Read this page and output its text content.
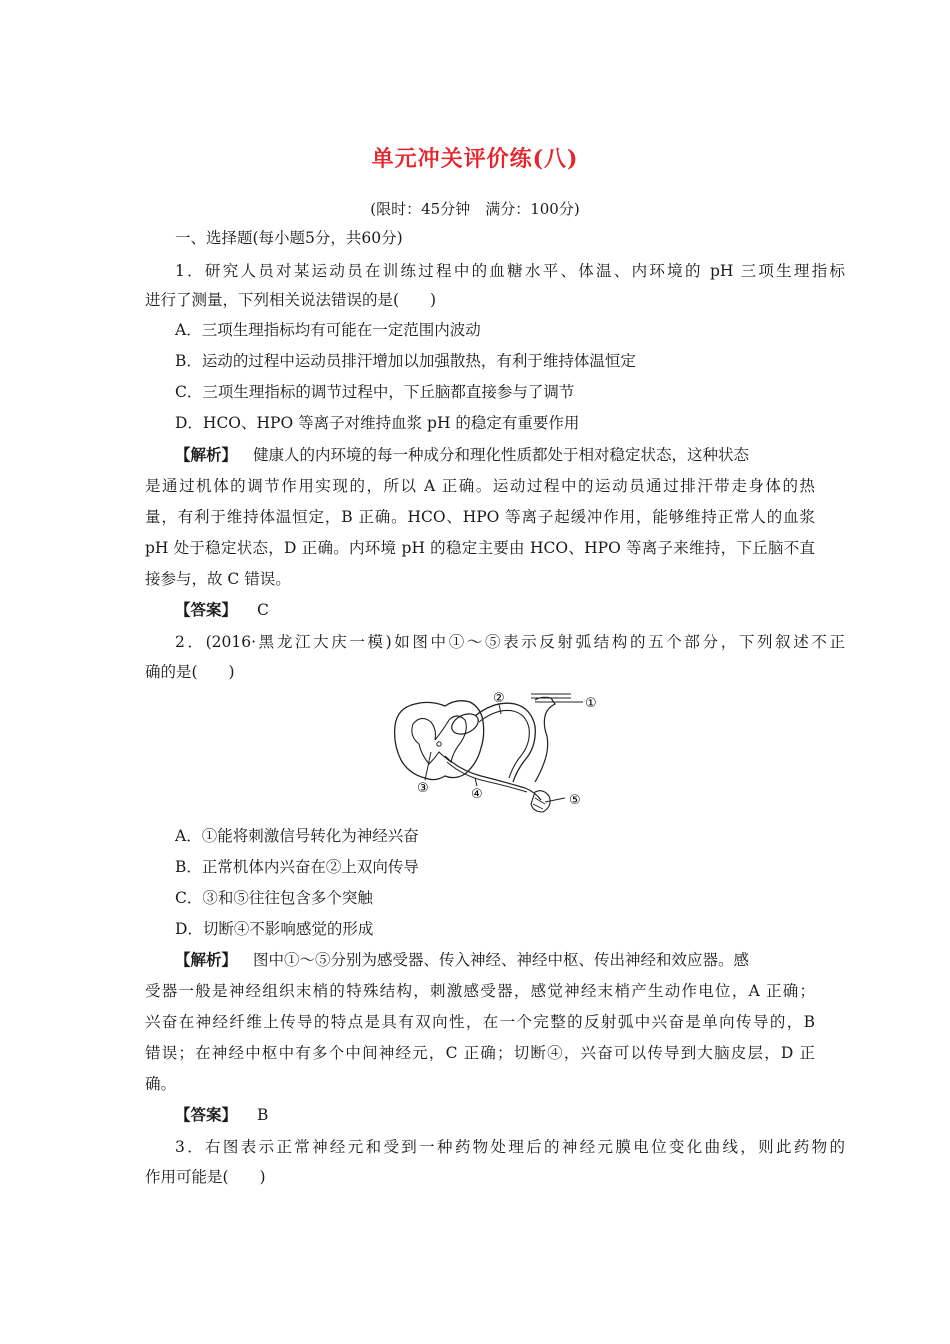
单元冲关评价练(八)
(限时：45分钟　满分：100分)
一、选择题(每小题5分，共60分)
1．研究人员对某运动员在训练过程中的血糖水平、体温、内环境的 pH 三项生理指标
进行了测量，下列相关说法错误的是(　　)
A．三项生理指标均有可能在一定范围内波动
B．运动的过程中运动员排汗增加以加强散热，有利于维持体温恒定
C．三项生理指标的调节过程中，下丘脑都直接参与了调节
D．HCO、HPO 等离子对维持血浆 pH 的稳定有重要作用
【解析】 健康人的内环境的每一种成分和理化性质都处于相对稳定状态，这种状态
是通过机体的调节作用实现的，所以 A 正确。运动过程中的运动员通过排汗带走身体的热
量，有利于维持体温恒定，B 正确。HCO、HPO 等离子起缓冲作用，能够维持正常人的血浆
pH 处于稳定状态，D 正确。内环境 pH 的稳定主要由 HCO、HPO 等离子来维持，下丘脑不直
接参与，故 C 错误。
【答案】 C
2．(2016·黑龙江大庆一模)如图中①～⑤表示反射弧结构的五个部分，下列叙述不正
确的是(　　)
①
②
③	④	⑤
A．①能将刺激信号转化为神经兴奋
B．正常机体内兴奋在②上双向传导
C．③和⑤往往包含多个突触
D．切断④不影响感觉的形成
【解析】 图中①～⑤分别为感受器、传入神经、神经中枢、传出神经和效应器。感
受器一般是神经组织末梢的特殊结构，刺激感受器，感觉神经末梢产生动作电位，A 正确；
兴奋在神经纤维上传导的特点是具有双向性，在一个完整的反射弧中兴奋是单向传导的，B
错误；在神经中枢中有多个中间神经元，C 正确；切断④，兴奋可以传导到大脑皮层，D 正
确。
【答案】 B
3．右图表示正常神经元和受到一种药物处理后的神经元膜电位变化曲线，则此药物的
作用可能是(　　)
